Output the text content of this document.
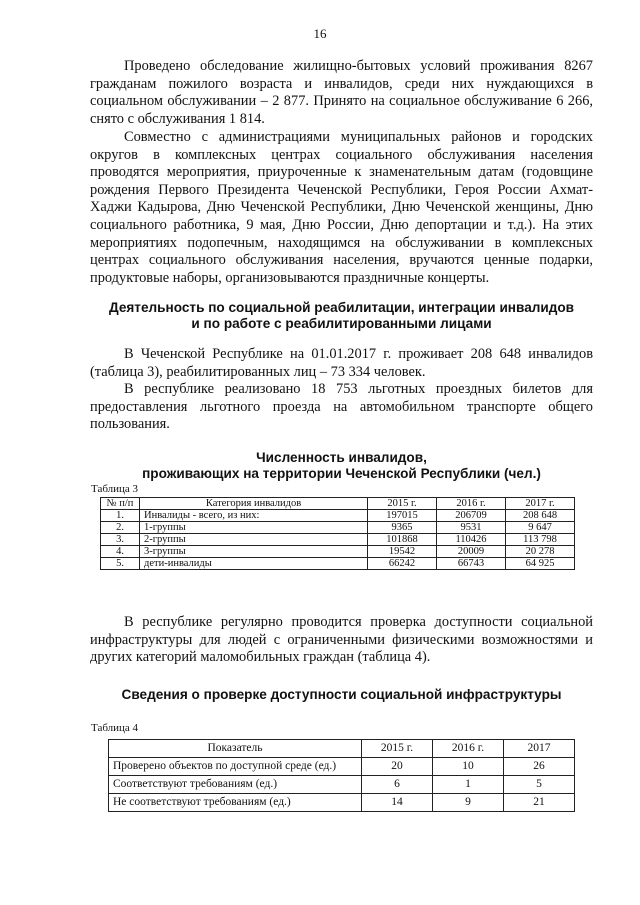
16

Проведено обследование жилищно-бытовых условий проживания 8267 гражданам пожилого возраста и инвалидов, среди них нуждающихся в социальном обслуживании – 2 877. Принято на социальное обслуживание 6 266, снято с обслуживания 1 814.

Совместно с администрациями муниципальных районов и городских округов в комплексных центрах социального обслуживания населения проводятся мероприятия, приуроченные к знаменательным датам (годовщине рождения Первого Президента Чеченской Республики, Героя России Ахмат-Хаджи Кадырова, Дню Чеченской Республики, Дню Чеченской женщины, Дню социального работника, 9 мая, Дню России, Дню депортации и т.д.). На этих мероприятиях подопечным, находящимся на обслуживании в комплексных центрах социального обслуживания населения, вручаются ценные подарки, продуктовые наборы, организовываются праздничные концерты.

Деятельность по социальной реабилитации, интеграции инвалидов
и по работе с реабилитированными лицами

В Чеченской Республике на 01.01.2017 г. проживает 208 648 инвалидов (таблица 3), реабилитированных лиц – 73 334 человек.

В республике реализовано 18 753 льготных проездных билетов для предоставления льготного проезда на автомобильном транспорте общего пользования.

Численность инвалидов,
проживающих на территории Чеченской Республики (чел.)
Таблица 3
№ п/п	Категория инвалидов	2015 г.	2016 г.	2017 г.
1.	Инвалиды - всего, из них:	197015	206709	208 648
2.	1-группы	9365	9531	9 647
3.	2-группы	101868	110426	113 798
4.	3-группы	19542	20009	20 278
5.	дети-инвалиды	66242	66743	64 925

В республике регулярно проводится проверка доступности социальной инфраструктуры для людей с ограниченными физическими возможностями и других категорий маломобильных граждан (таблица 4).

Сведения о проверке доступности социальной инфраструктуры
Таблица 4
Показатель	2015 г.	2016 г.	2017
Проверено объектов по доступной среде (ед.)	20	10	26
Соответствуют требованиям (ед.)	6	1	5
Не соответствуют требованиям (ед.)	14	9	21
